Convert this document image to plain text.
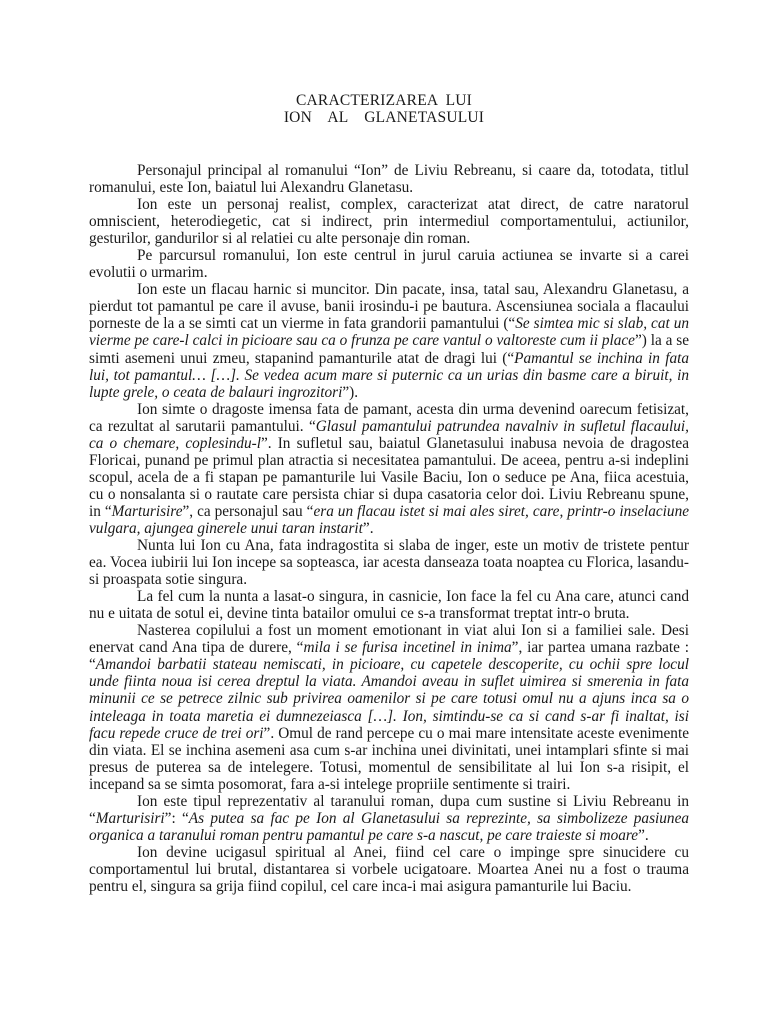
CARACTERIZAREA  LUI
ION    AL    GLANETASULUI

Personajul principal al romanului “Ion” de Liviu Rebreanu, si caare da, totodata, titlul romanului, este Ion, baiatul lui Alexandru Glanetasu.

Ion este un personaj realist, complex, caracterizat atat direct, de catre naratorul omniscient, heterodiegetic, cat si indirect, prin intermediul comportamentului, actiunilor, gesturilor, gandurilor si al relatiei cu alte personaje din roman.

Pe parcursul romanului, Ion este centrul in jurul caruia actiunea se invarte si a carei evolutii o urmarim.

Ion este un flacau harnic si muncitor. Din pacate, insa, tatal sau, Alexandru Glanetasu, a pierdut tot pamantul pe care il avuse, banii irosindu-i pe bautura. Ascensiunea sociala a flacaului porneste de la a se simti cat un vierme in fata grandorii pamantului (“Se simtea mic si slab, cat un vierme pe care-l calci in picioare sau ca o frunza pe care vantul o valtoreste cum ii place”) la a se simti asemeni unui zmeu, stapanind pamanturile atat de dragi lui (“Pamantul se inchina in fata lui, tot pamantul… […]. Se vedea acum mare si puternic ca un urias din basme care a biruit, in lupte grele, o ceata de balauri ingrozitori”).

Ion simte o dragoste imensa fata de pamant, acesta din urma devenind oarecum fetisizat, ca rezultat al sarutarii pamantului. “Glasul pamantului patrundea navalniv in sufletul flacaului, ca o chemare, coplesindu-l”. In sufletul sau, baiatul Glanetasului inabusa nevoia de dragostea Floricai, punand pe primul plan atractia si necesitatea pamantului. De aceea, pentru a-si indeplini scopul, acela de a fi stapan pe pamanturile lui Vasile Baciu, Ion o seduce pe Ana, fiica acestuia, cu o nonsalanta si o rautate care persista chiar si dupa casatoria celor doi. Liviu Rebreanu spune, in “Marturisire”, ca personajul sau “era un flacau istet si mai ales siret, care, printr-o inselaciune vulgara, ajungea ginerele unui taran instarit”.

Nunta lui Ion cu Ana, fata indragostita si slaba de inger, este un motiv de tristete pentur ea. Vocea iubirii lui Ion incepe sa sopteasca, iar acesta danseaza toata noaptea cu Florica, lasandu-si proaspata sotie singura.

La fel cum la nunta a lasat-o singura, in casnicie, Ion face la fel cu Ana care, atunci cand nu e uitata de sotul ei, devine tinta batailor omului ce s-a transformat treptat intr-o bruta.

Nasterea copilului a fost un moment emotionant in viat alui Ion si a familiei sale. Desi enervat cand Ana tipa de durere, “mila i se furisa incetinel in inima”, iar partea umana razbate : “Amandoi barbatii stateau nemiscati, in picioare, cu capetele descoperite, cu ochii spre locul unde fiinta noua isi cerea dreptul la viata. Amandoi aveau in suflet uimirea si smerenia in fata minunii ce se petrece zilnic sub privirea oamenilor si pe care totusi omul nu a ajuns inca sa o inteleaga in toata maretia ei dumnezeiasca […]. Ion, simtindu-se ca si cand s-ar fi inaltat, isi facu repede cruce de trei ori”. Omul de rand percepe cu o mai mare intensitate aceste evenimente din viata. El se inchina asemeni asa cum s-ar inchina unei divinitati, unei intamplari sfinte si mai presus de puterea sa de intelegere. Totusi, momentul de sensibilitate al lui Ion s-a risipit, el incepand sa se simta posomorat, fara a-si intelege propriile sentimente si trairi.

Ion este tipul reprezentativ al taranului roman, dupa cum sustine si Liviu Rebreanu in “Marturisiri”: “As putea sa fac pe Ion al Glanetasului sa reprezinte, sa simbolizeze pasiunea organica a taranului roman pentru pamantul pe care s-a nascut, pe care traieste si moare”.

Ion devine ucigasul spiritual al Anei, fiind cel care o impinge spre sinucidere cu comportamentul lui brutal, distantarea si vorbele ucigatoare. Moartea Anei nu a fost o trauma pentru el, singura sa grija fiind copilul, cel care inca-i mai asigura pamanturile lui Baciu.
